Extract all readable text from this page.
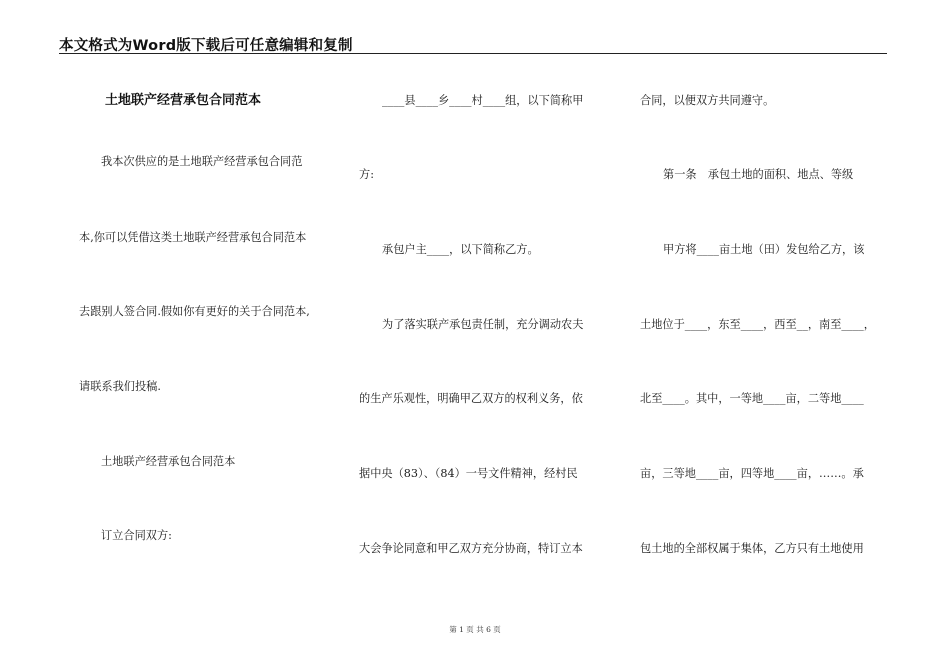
本文格式为Word版下载后可任意编辑和复制
土地联产经营承包合同范本
我本次供应的是土地联产经营承包合同范
本,你可以凭借这类土地联产经营承包合同范本
去跟别人签合同.假如你有更好的关于合同范本,
请联系我们投稿.
土地联产经营承包合同范本
订立合同双方:
____县____乡____村____组，以下简称甲
方:
承包户主____，以下简称乙方。
为了落实联产承包责任制，充分调动农夫
的生产乐观性，明确甲乙双方的权利义务，依
据中央（83）、（84）一号文件精神，经村民
大会争论同意和甲乙双方充分协商，特订立本
合同，以便双方共同遵守。
第一条　承包土地的面积、地点、等级
甲方将____亩土地（田）发包给乙方，该
土地位于____，东至____，西至__，南至____，
北至____。其中，一等地____亩，二等地____
亩，三等地____亩，四等地____亩，……。承
包土地的全部权属于集体，乙方只有土地使用
第 1 页 共 6 页
